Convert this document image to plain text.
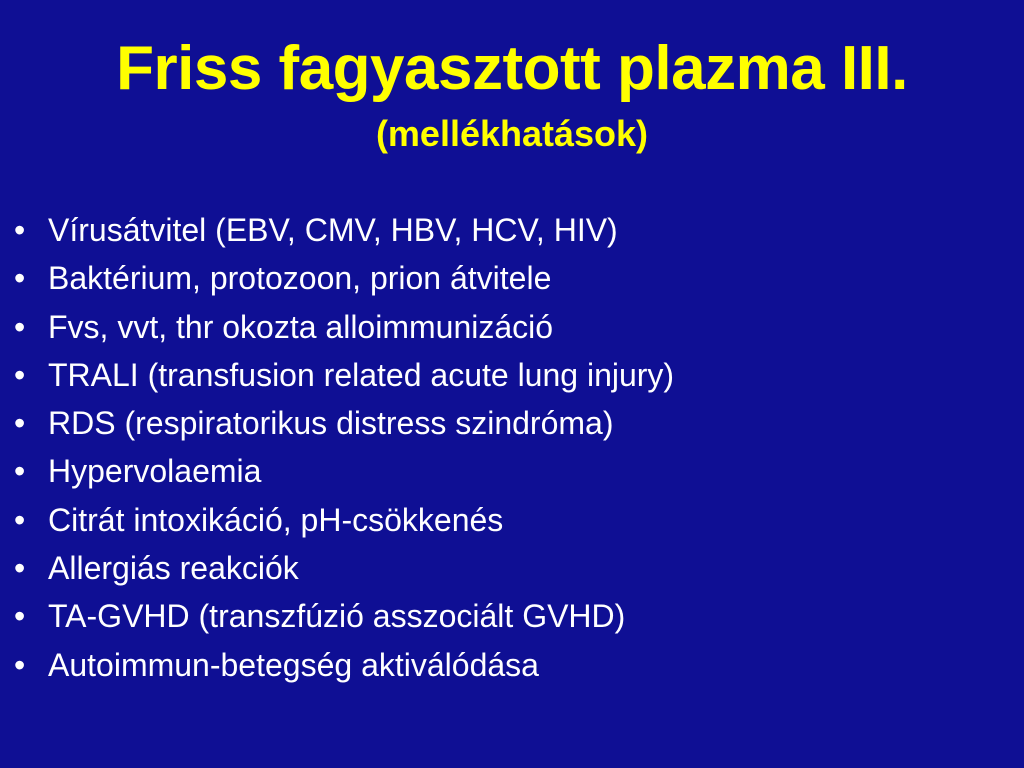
Friss fagyasztott plazma III.
(mellékhatások)
• Vírusátvitel (EBV, CMV, HBV, HCV, HIV)
• Baktérium, protozoon, prion átvitele
• Fvs, vvt, thr okozta alloimmunizáció
• TRALI (transfusion related acute lung injury)
• RDS (respiratorikus distress szindróma)
• Hypervolaemia
• Citrát intoxikáció, pH-csökkenés
• Allergiás reakciók
• TA-GVHD (transzfúzió asszociált GVHD)
• Autoimmun-betegség aktiválódása
